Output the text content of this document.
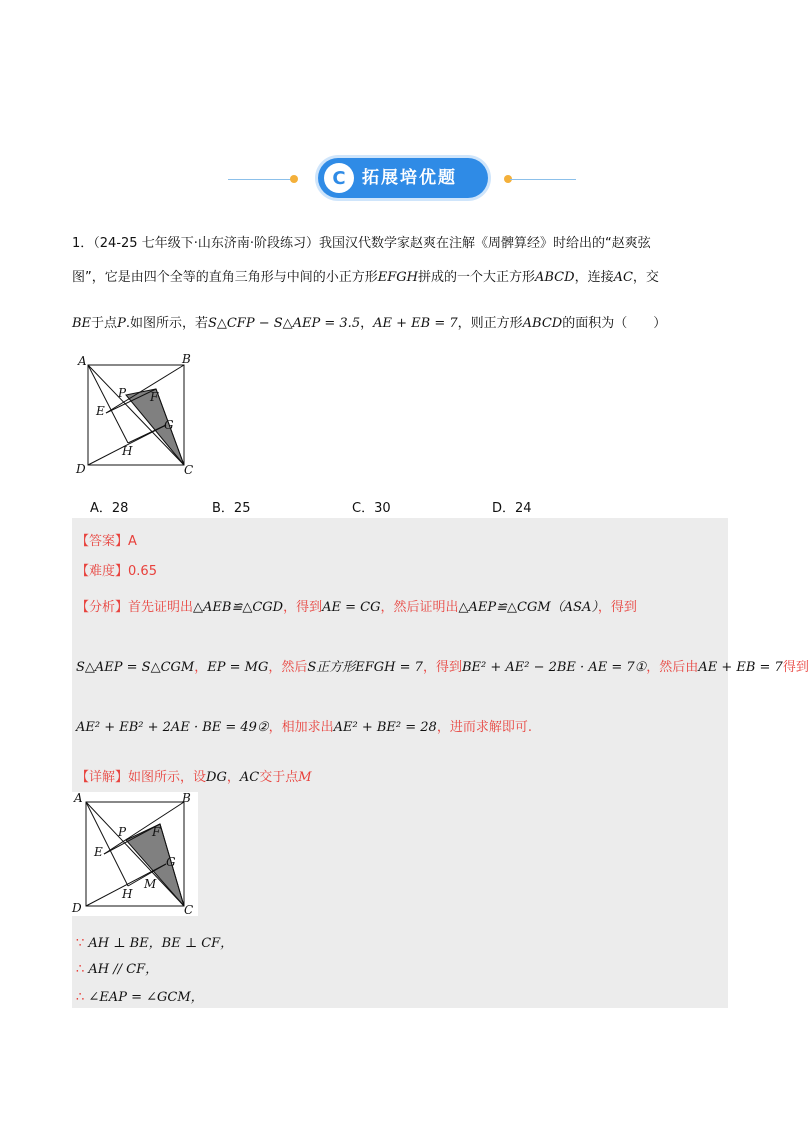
C 拓展培优题
1．（24-25 七年级下·山东济南·阶段练习）我国汉代数学家赵爽在注解《周髀算经》时给出的“赵爽弦
图”，它是由四个全等的直角三角形与中间的小正方形EFGH拼成的一个大正方形ABCD，连接AC，交
BE于点P.如图所示，若S△CFP − S△AEP = 3.5，AE + EB = 7，则正方形ABCD的面积为（　　）
A	B
C
D
E
F
G
H
P
A．28	B．25	C．30	D．24
【答案】A
【难度】0.65
【分析】首先证明出△AEB≌△CGD，得到AE = CG，然后证明出△AEP≌△CGM（ASA），得到
S△AEP = S△CGM，EP = MG，然后S正方形EFGH = 7，得到BE² + AE² − 2BE · AE = 7①，然后由AE + EB = 7得到
AE² + EB² + 2AE · BE = 49②，相加求出AE² + BE² = 28，进而求解即可.
【详解】如图所示，设DG，AC交于点M
A	B
C
D
E
F
G
H
P
M
∵ AH ⊥ BE，BE ⊥ CF，
∴ AH // CF，
∴ ∠EAP = ∠GCM，
